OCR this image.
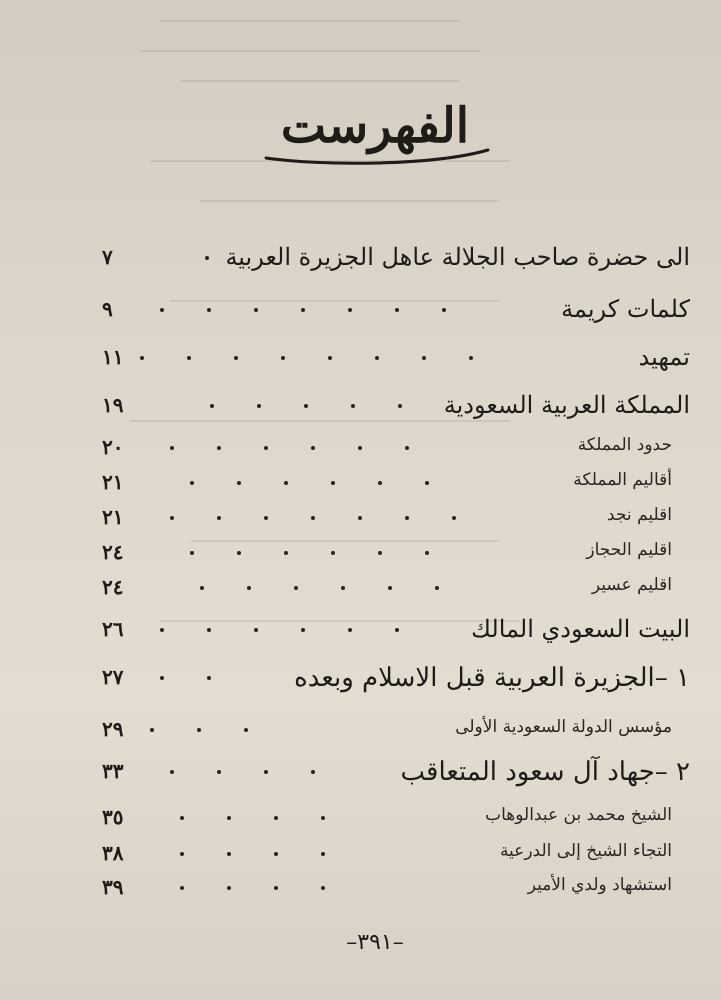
الفهرست
الى حضرة صاحب الجلالة عاهل الجزيرة العربية
٧
كلمات كريمة
٩
تمهيد
١١
المملكة العربية السعودية
١٩
حدود المملكة
٢٠
أقاليم المملكة
٢١
اقليم نجد
٢١
اقليم الحجاز
٢٤
اقليم عسير
٢٤
البيت السعودي المالك
٢٦
١ –الجزيرة العربية قبل الاسلام وبعده
٢٧
مؤسس الدولة السعودية الأولى
٢٩
٢ –جهاد آل سعود المتعاقب
٣٣
الشيخ محمد بن عبدالوهاب
٣٥
التجاء الشيخ إلى الدرعية
٣٨
استشهاد ولدي الأمير
٣٩
–٣٩١–
